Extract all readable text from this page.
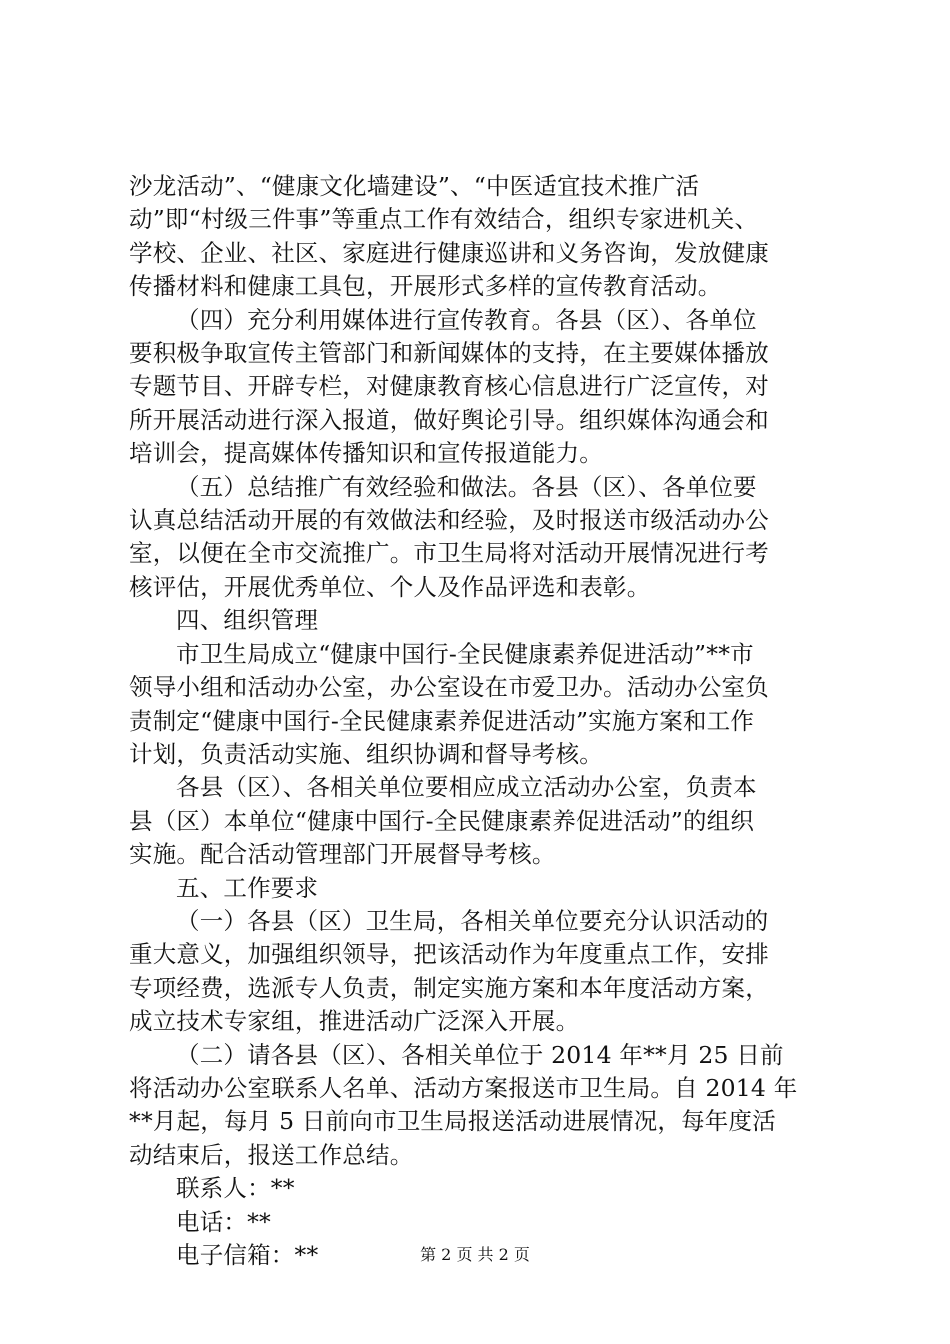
沙龙活动”、“健康文化墙建设”、“中医适宜技术推广活
动”即“村级三件事”等重点工作有效结合，组织专家进机关、
学校、企业、社区、家庭进行健康巡讲和义务咨询，发放健康
传播材料和健康工具包，开展形式多样的宣传教育活动。
（四）充分利用媒体进行宣传教育。各县（区）、各单位
要积极争取宣传主管部门和新闻媒体的支持，在主要媒体播放
专题节目、开辟专栏，对健康教育核心信息进行广泛宣传，对
所开展活动进行深入报道，做好舆论引导。组织媒体沟通会和
培训会，提高媒体传播知识和宣传报道能力。
（五）总结推广有效经验和做法。各县（区）、各单位要
认真总结活动开展的有效做法和经验，及时报送市级活动办公
室，以便在全市交流推广。市卫生局将对活动开展情况进行考
核评估，开展优秀单位、个人及作品评选和表彰。
四、组织管理
市卫生局成立“健康中国行-全民健康素养促进活动”**市
领导小组和活动办公室，办公室设在市爱卫办。活动办公室负
责制定“健康中国行-全民健康素养促进活动”实施方案和工作
计划，负责活动实施、组织协调和督导考核。
各县（区）、各相关单位要相应成立活动办公室，负责本
县（区）本单位“健康中国行-全民健康素养促进活动”的组织
实施。配合活动管理部门开展督导考核。
五、工作要求
（一）各县（区）卫生局，各相关单位要充分认识活动的
重大意义，加强组织领导，把该活动作为年度重点工作，安排
专项经费，选派专人负责，制定实施方案和本年度活动方案，
成立技术专家组，推进活动广泛深入开展。
（二）请各县（区）、各相关单位于 2014 年**月 25 日前
将活动办公室联系人名单、活动方案报送市卫生局。自 2014 年
**月起，每月 5 日前向市卫生局报送活动进展情况，每年度活
动结束后，报送工作总结。
联系人：**
电话：**
电子信箱：**	第 2 页 共 2 页
